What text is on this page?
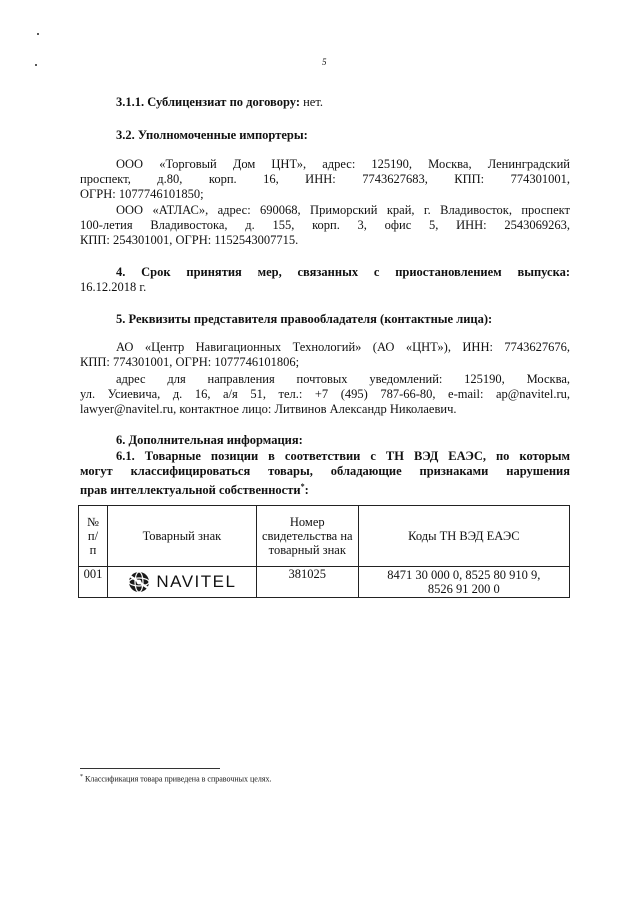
5
3.1.1. Сублицензиат по договору: нет.
3.2. Уполномоченные импортеры:
ООО «Торговый Дом ЦНТ», адрес: 125190, Москва, Ленинградский
проспект, д.80, корп. 16, ИНН: 7743627683, КПП: 774301001,
ОГРН: 1077746101850;
ООО «АТЛАС», адрес: 690068, Приморский край, г. Владивосток, проспект
100-летия Владивостока, д. 155, корп. 3, офис 5, ИНН: 2543069263,
КПП: 254301001, ОГРН: 1152543007715.
4. Срок принятия мер, связанных с приостановлением выпуска:
16.12.2018 г.
5. Реквизиты представителя правообладателя (контактные лица):
АО «Центр Навигационных Технологий» (АО «ЦНТ»), ИНН: 7743627676,
КПП: 774301001, ОГРН: 1077746101806;
адрес для направления почтовых уведомлений: 125190, Москва,
ул. Усиевича, д. 16, а/я 51, тел.: +7 (495) 787-66-80, e-mail: ap@navitel.ru,
lawyer@navitel.ru, контактное лицо: Литвинов Александр Николаевич.
6. Дополнительная информация:
6.1. Товарные позиции в соответствии с ТН ВЭД ЕАЭС, по которым
могут классифицироваться товары, обладающие признаками нарушения
прав интеллектуальной собственности*:
№ п/п	Товарный знак	Номер свидетельства на товарный знак	Коды ТН ВЭД ЕАЭС
001	NAVITEL	381025	8471 30 000 0, 8525 80 910 9,
8526 91 200 0
* Классификация товара приведена в справочных целях.
